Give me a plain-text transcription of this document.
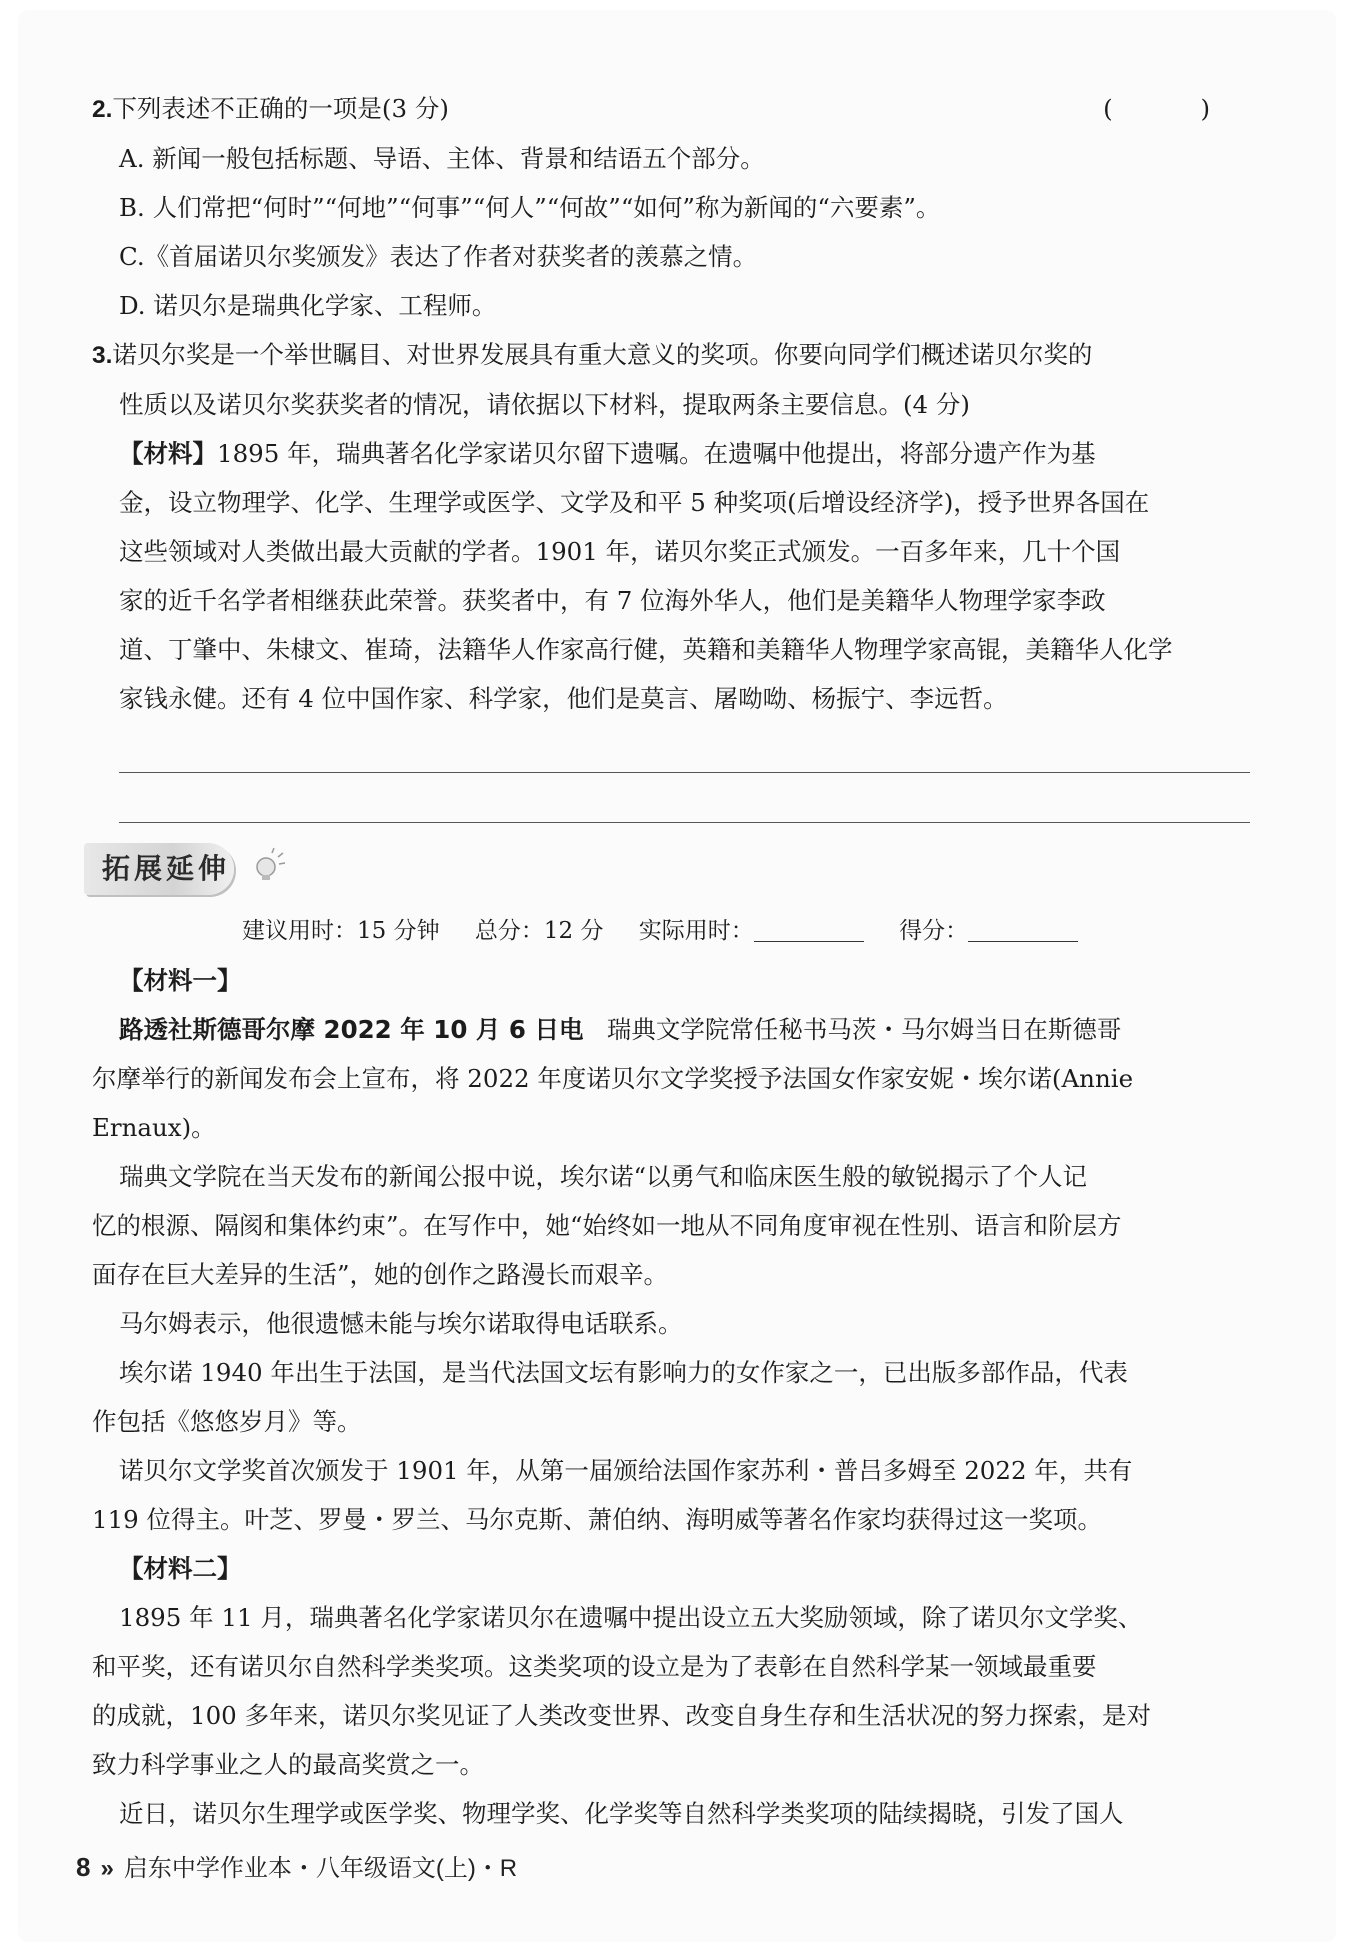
2.下列表述不正确的一项是(3 分)	( )
A. 新闻一般包括标题、导语、主体、背景和结语五个部分。
B. 人们常把“何时”“何地”“何事”“何人”“何故”“如何”称为新闻的“六要素”。
C.《首届诺贝尔奖颁发》表达了作者对获奖者的羡慕之情。
D. 诺贝尔是瑞典化学家、工程师。
3.诺贝尔奖是一个举世瞩目、对世界发展具有重大意义的奖项。你要向同学们概述诺贝尔奖的
性质以及诺贝尔奖获奖者的情况，请依据以下材料，提取两条主要信息。(4 分)
【材料】1895 年，瑞典著名化学家诺贝尔留下遗嘱。在遗嘱中他提出，将部分遗产作为基
金，设立物理学、化学、生理学或医学、文学及和平 5 种奖项(后增设经济学)，授予世界各国在
这些领域对人类做出最大贡献的学者。1901 年，诺贝尔奖正式颁发。一百多年来，几十个国
家的近千名学者相继获此荣誉。获奖者中，有 7 位海外华人，他们是美籍华人物理学家李政
道、丁肇中、朱棣文、崔琦，法籍华人作家高行健，英籍和美籍华人物理学家高锟，美籍华人化学
家钱永健。还有 4 位中国作家、科学家，他们是莫言、屠呦呦、杨振宁、李远哲。
拓展延伸
建议用时：15 分钟 总分：12 分 实际用时：	得分：
【材料一】
路透社斯德哥尔摩 2022 年 10 月 6 日电 瑞典文学院常任秘书马茨・马尔姆当日在斯德哥
尔摩举行的新闻发布会上宣布，将 2022 年度诺贝尔文学奖授予法国女作家安妮・埃尔诺(Annie
Ernaux)。
瑞典文学院在当天发布的新闻公报中说，埃尔诺“以勇气和临床医生般的敏锐揭示了个人记
忆的根源、隔阂和集体约束”。在写作中，她“始终如一地从不同角度审视在性别、语言和阶层方
面存在巨大差异的生活”，她的创作之路漫长而艰辛。
马尔姆表示，他很遗憾未能与埃尔诺取得电话联系。
埃尔诺 1940 年出生于法国，是当代法国文坛有影响力的女作家之一，已出版多部作品，代表
作包括《悠悠岁月》等。
诺贝尔文学奖首次颁发于 1901 年，从第一届颁给法国作家苏利・普吕多姆至 2022 年，共有
119 位得主。叶芝、罗曼・罗兰、马尔克斯、萧伯纳、海明威等著名作家均获得过这一奖项。
【材料二】
1895 年 11 月，瑞典著名化学家诺贝尔在遗嘱中提出设立五大奖励领域，除了诺贝尔文学奖、
和平奖，还有诺贝尔自然科学类奖项。这类奖项的设立是为了表彰在自然科学某一领域最重要
的成就，100 多年来，诺贝尔奖见证了人类改变世界、改变自身生存和生活状况的努力探索，是对
致力科学事业之人的最高奖赏之一。
近日，诺贝尔生理学或医学奖、物理学奖、化学奖等自然科学类奖项的陆续揭晓，引发了国人
8 » 启东中学作业本・八年级语文(上)・R
